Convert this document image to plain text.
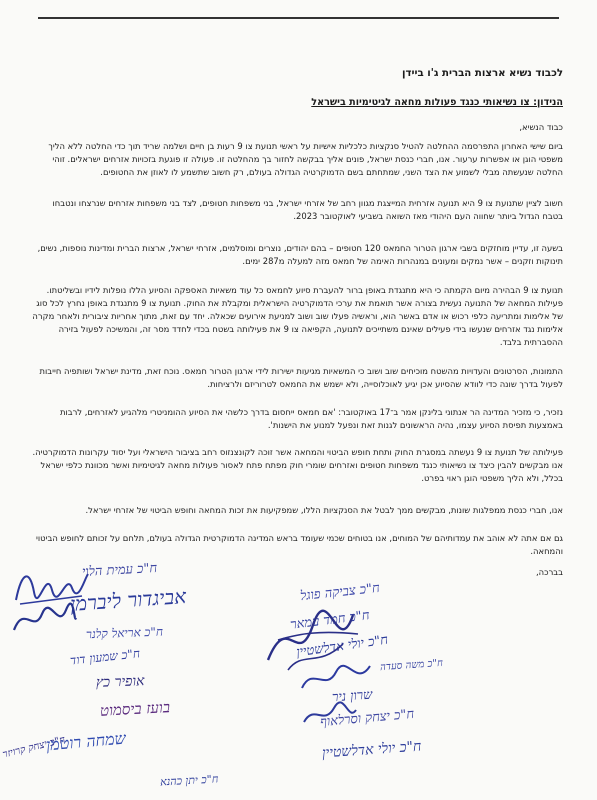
לכבוד נשיא ארצות הברית ג'ו ביידן
הנידון: צו נשיאותי כנגד פעולות מחאה לגיטימיות בישראל
כבוד הנשיא,
ביום שישי האחרון התפרסמה ההחלטה להטיל סנקציות כלכליות אישיות על ראשי תנועת צו 9 רעות בן חיים ושלמה שריד תוך כדי החלטה ללא הליך משפטי הוגן או אפשרות ערעור. אנו, חברי כנסת ישראל, פונים אליך בבקשה לחזור בך מהחלטה זו. פעולה זו פוגעת בזכויות אזרחים ישראלים. זוהי החלטה שנעשתה מבלי לשמוע את הצד השני, שמתחתם בשם הדמוקרטיה הגדולה בעולם, רק חשוב שתשמע לו לאוזן את החטופים.
חשוב לציין שתנועת צו 9 היא תנועה אזרחית המייצגת מגוון רחב של אזרחי ישראל, בני משפחות חטופים, לצד בני משפחות אזרחים שנרצחו ונטבחו בטבח הגדול ביותר שחווה העם היהודי מאז השואה בשביעי לאוקטובר 2023.
בשעה זו, עדיין מוחזקים בשבי ארגון הטרור החמאס 120 חטופים – בהם יהודים, נוצרים ומוסלמים, אזרחי ישראל, ארצות הברית ומדינות נוספות, נשים, תינוקות וזקנים – אשר נמקים ומעונים במנהרות האימה של חמאס מזה למעלה מ287 ימים.
תנועת צו 9 הבהירה מיום הקמתה כי היא מתנגדת באופן ברור להעברת סיוע לחמאס כל עוד משאיות האספקה והסיוע הללו נופלות לידיו ובשליטתו. פעילות המחאה של התנועה נעשית בצורה אשר תואמת את ערכי הדמוקרטיה הישראלית ומקבלת את החוק. תנועת צו 9 מתנגדת באופן נחרץ לכל סוג של אלימות ומתריעה כלפי רכוש או אדם באשר הוא, וראשיה פעלו שוב ושוב למניעת אירועים שכאלה. יחד עם זאת, מתוך אחריות ציבורית ולאחר מקרה אלימות נגד אזרחים שנעשו בידי פעילים שאינם משתייכים לתנועה, הקפיאה צו 9 את פעילותה בשטח בכדי לחדד מסר זה, והמשיכה לפעול בזירה ההסברתית בלבד.
התמונות, הסרטונים והעדויות מהשטח מוכיחים שוב ושוב כי המשאיות מגיעות ישירות לידי ארגון הטרור חמאס. נוכח זאת, מדינת ישראל ושותפיה חייבות לפעול בדרך שונה כדי לוודא שהסיוע אכן יגיע לאוכלוסייה, ולא ישמש את החמאס לטרוריזם ולרציחות.
נזכיר, כי מזכיר המדינה הר אנתוני בלינקן אמר ב־17 באוקטובר: 'אם חמאס ייחסום בדרך כלשהי את הסיוע ההומניטרי מלהגיע לאזרחים, לרבות באמצעות תפיסת הסיוע עצמו, נהיה הראשונים לגנות זאת ונפעל למנוע את הישנות'.
פעילותה של תנועת צו 9 נעשתה במסגרת החוק ותחת חופש הביטוי והמחאה אשר זוכה לקונצנזוס רחב בציבור הישראלי ועל יסוד עקרונות הדמוקרטיה. אנו מבקשים להבין כיצד צו נשיאותי כנגד משפחות חטופים ואזרחים שומרי חוק מפתח פתח לאסור פעולות מחאה לגיטימיות ואשר מכוונת כלפי ישראל בכלל, ולא הליך משפטי הוגן ראוי בפרט.
אנו, חברי כנסת ממפלגות שונות, מבקשים ממך לבטל את הסנקציות הללו, שמפקיעות את זכות המחאה וחופש הביטוי של אזרחי ישראל.
גם אם אתה לא אוהב את עמדותיהם של המוחים, אנו בטוחים שכמי שעומד בראש המדינה הדמוקרטית הגדולה בעולם, תלחם על זכותם לחופש הביטוי והמחאה.
בברכה,
ח"כ עמית הלוי
אביגדור ליברמן
ח"כ אריאל קלנר
ח"כ שמעון דוד
אופיר כץ
בועז ביסמוט
שמחה רוטמן
ח"כ יצחק קרויזר
ח"כ יתן כהנא
ח"כ צביקה פוגל
ח"כ חמד עמאר
ח"כ יולי אדלשטיין
ח"כ משה סעדה
שרון ניר
ח"כ יצחק וסרלאוף
ח"כ יולי אדלשטיין
